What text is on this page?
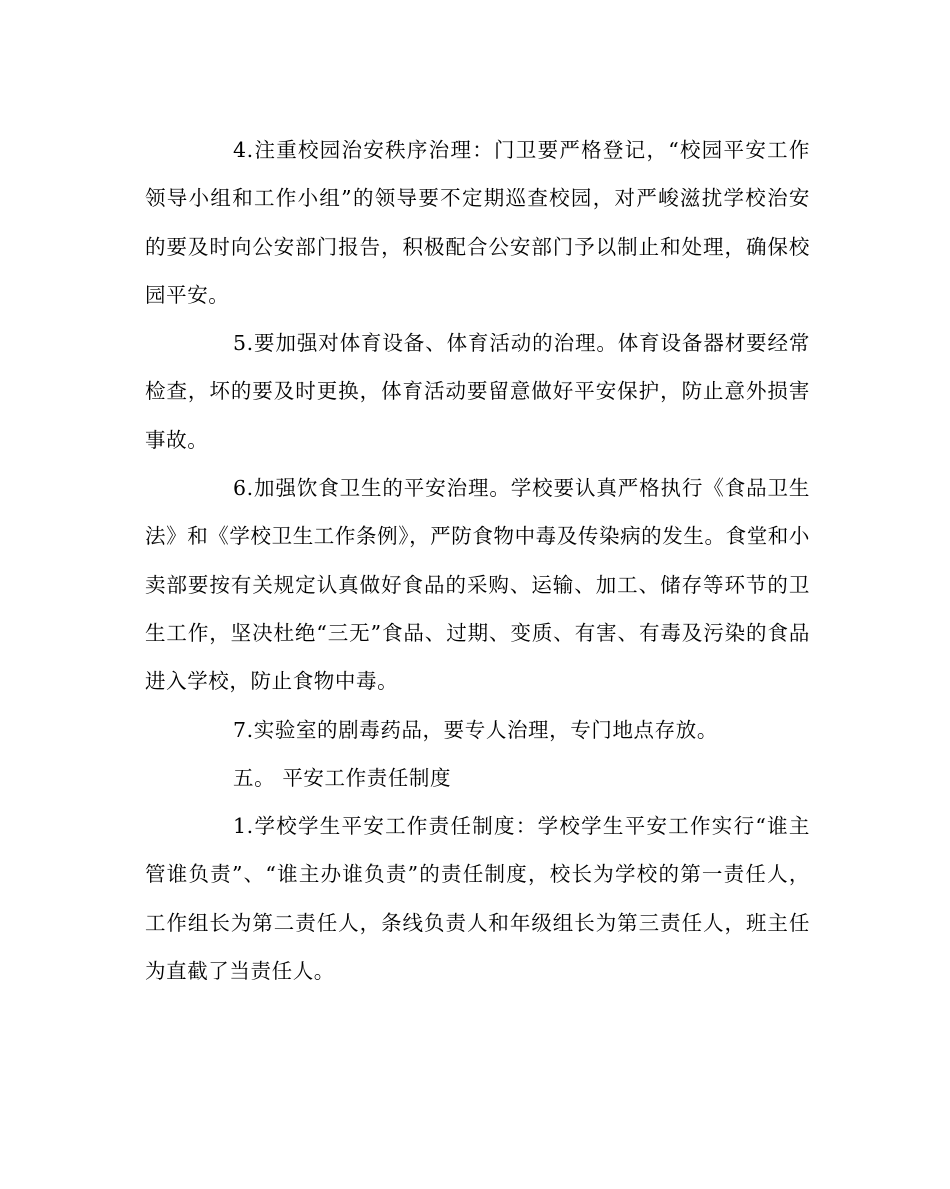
4.注重校园治安秩序治理：门卫要严格登记，“校园平安工作领导小组和工作小组”的领导要不定期巡查校园，对严峻滋扰学校治安的要及时向公安部门报告，积极配合公安部门予以制止和处理，确保校园平安。

5.要加强对体育设备、体育活动的治理。体育设备器材要经常检查，坏的要及时更换，体育活动要留意做好平安保护，防止意外损害事故。

6.加强饮食卫生的平安治理。学校要认真严格执行《食品卫生法》和《学校卫生工作条例》，严防食物中毒及传染病的发生。食堂和小卖部要按有关规定认真做好食品的采购、运输、加工、储存等环节的卫生工作，坚决杜绝“三无”食品、过期、变质、有害、有毒及污染的食品进入学校，防止食物中毒。

7.实验室的剧毒药品，要专人治理，专门地点存放。

五。 平安工作责任制度

1.学校学生平安工作责任制度：学校学生平安工作实行“谁主管谁负责”、“谁主办谁负责”的责任制度，校长为学校的第一责任人，工作组长为第二责任人，条线负责人和年级组长为第三责任人，班主任为直截了当责任人。
